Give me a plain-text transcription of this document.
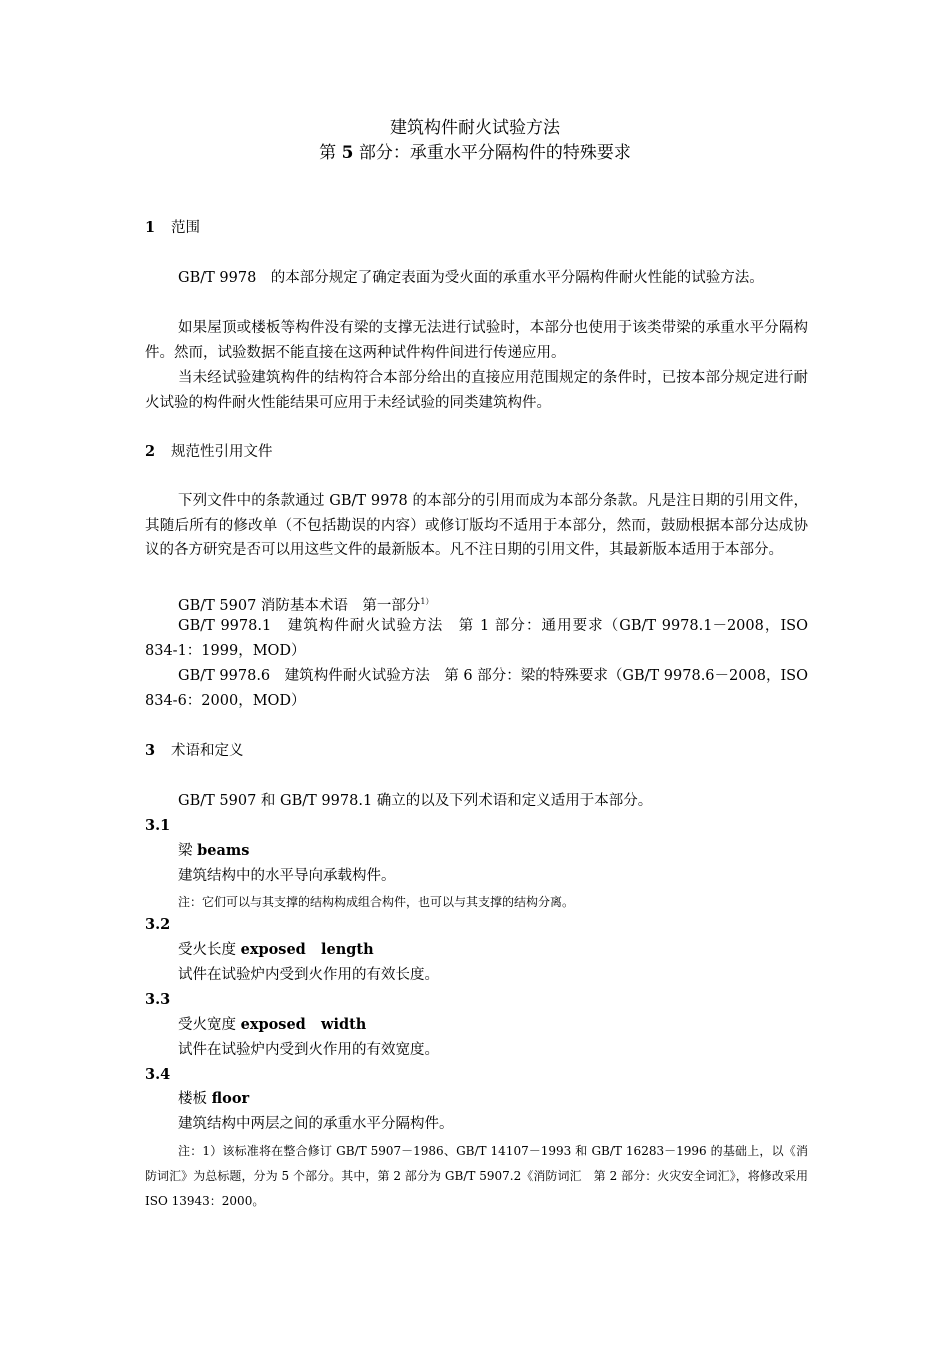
建筑构件耐火试验方法
第 5 部分：承重水平分隔构件的特殊要求
1 范围
GB/T 9978　的本部分规定了确定表面为受火面的承重水平分隔构件耐火性能的试验方法。
如果屋顶或楼板等构件没有梁的支撑无法进行试验时，本部分也使用于该类带梁的承重水平分隔构件。然而，试验数据不能直接在这两种试件构件间进行传递应用。
当未经试验建筑构件的结构符合本部分给出的直接应用范围规定的条件时，已按本部分规定进行耐火试验的构件耐火性能结果可应用于未经试验的同类建筑构件。
2 规范性引用文件
下列文件中的条款通过 GB/T 9978 的本部分的引用而成为本部分条款。凡是注日期的引用文件，其随后所有的修改单（不包括勘误的内容）或修订版均不适用于本部分，然而，鼓励根据本部分达成协议的各方研究是否可以用这些文件的最新版本。凡不注日期的引用文件，其最新版本适用于本部分。
GB/T 5907 消防基本术语　第一部分$^{1)}$
GB/T 9978.1　建筑构件耐火试验方法　第 1 部分：通用要求（GB/T 9978.1－2008，ISO 834-1：1999，MOD）
GB/T 9978.6　建筑构件耐火试验方法　第 6 部分：梁的特殊要求（GB/T 9978.6－2008，ISO 834-6：2000，MOD）
3 术语和定义
GB/T 5907 和 GB/T 9978.1 确立的以及下列术语和定义适用于本部分。
3.1
梁 beams
建筑结构中的水平导向承载构件。
注：它们可以与其支撑的结构构成组合构件，也可以与其支撑的结构分离。
3.2
受火长度 exposed   length
试件在试验炉内受到火作用的有效长度。
3.3
受火宽度 exposed   width
试件在试验炉内受到火作用的有效宽度。
3.4
楼板 floor
建筑结构中两层之间的承重水平分隔构件。
注：1）该标准将在整合修订 GB/T 5907－1986、GB/T 14107－1993 和 GB/T 16283－1996 的基础上，以《消防词汇》为总标题，分为 5 个部分。其中，第 2 部分为 GB/T 5907.2《消防词汇　第 2 部分：火灾安全词汇》，将修改采用 ISO 13943：2000。
